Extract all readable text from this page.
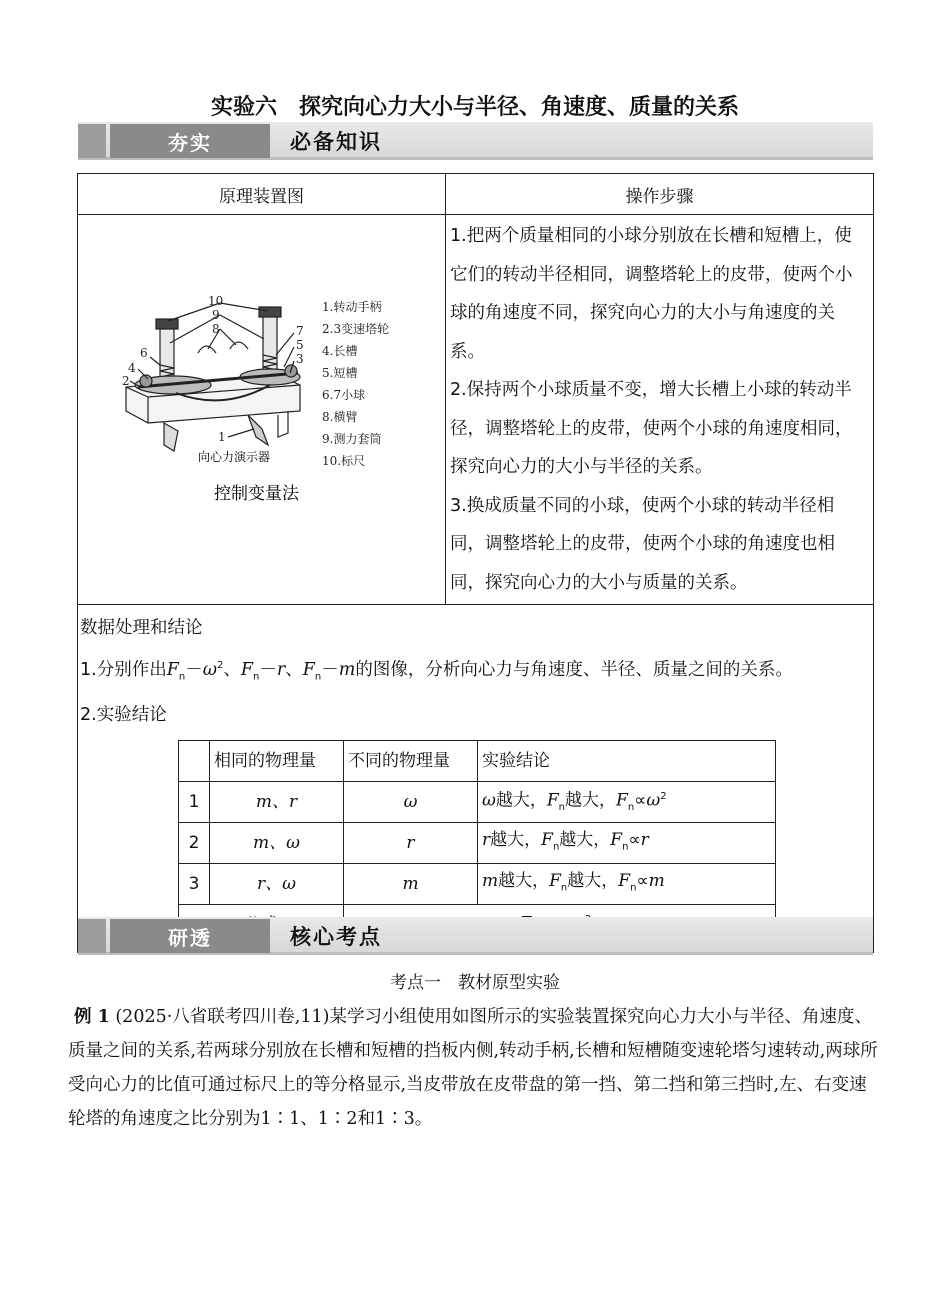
实验六　探究向心力大小与半径、角速度、质量的关系
夯实	必备知识
原理装置图	操作步骤

10
9
8
6
4
2
7
5
3
1
向心力演示器
1.转动手柄
2.3变速塔轮
4.长槽
5.短槽
6.7小球
8.横臂
9.测力套筒
10.标尺
控制变量法

1.把两个质量相同的小球分别放在长槽和短槽上，使它们的转动半径相同，调整塔轮上的皮带，使两个小球的角速度不同，探究向心力的大小与角速度的关系。
2.保持两个小球质量不变，增大长槽上小球的转动半径，调整塔轮上的皮带，使两个小球的角速度相同，探究向心力的大小与半径的关系。
3.换成质量不同的小球，使两个小球的转动半径相同，调整塔轮上的皮带，使两个小球的角速度也相同，探究向心力的大小与质量的关系。

数据处理和结论
1.分别作出$F_n-\omega^2$、$F_n-r$、$F_n-m$的图像，分析向心力与角速度、半径、质量之间的关系。
2.实验结论
	相同的物理量	不同的物理量	实验结论
1	m、r	ω	ω越大，$F_n$越大，$F_n\propto\omega^2$
2	m、ω	r	r越大，$F_n$越大，$F_n\propto r$
3	r、ω	m	m越大，$F_n$越大，$F_n\propto m$

研透	核心考点
考点一　教材原型实验
例 1 (2025·八省联考四川卷,11)某学习小组使用如图所示的实验装置探究向心力大小与半径、角速度、质量之间的关系,若两球分别放在长槽和短槽的挡板内侧,转动手柄,长槽和短槽随变速轮塔匀速转动,两球所受向心力的比值可通过标尺上的等分格显示,当皮带放在皮带盘的第一挡、第二挡和第三挡时,左、右变速轮塔的角速度之比分别为1∶1、1∶2和1∶3。
